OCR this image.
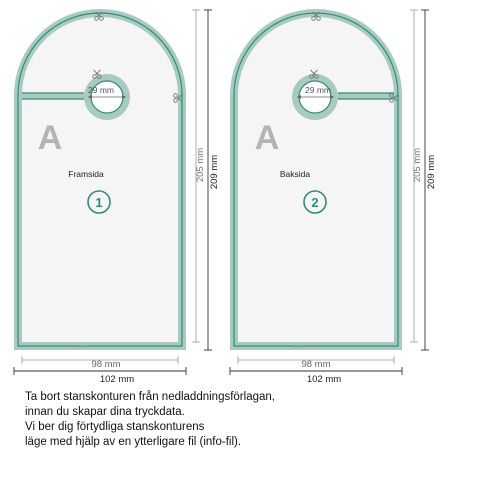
29 mm
A
Framsida
1
2 mm
205 mm 209 mm
98 mm
102 mm
29 mm
A
Baksida
2
2 mm
205 mm 209 mm
98 mm
102 mm
Ta bort stanskonturen från nedladdningsförlagan,
innan du skapar dina tryckdata.
Vi ber dig förtydliga stanskonturens
läge med hjälp av en ytterligare fil (info-fil).
